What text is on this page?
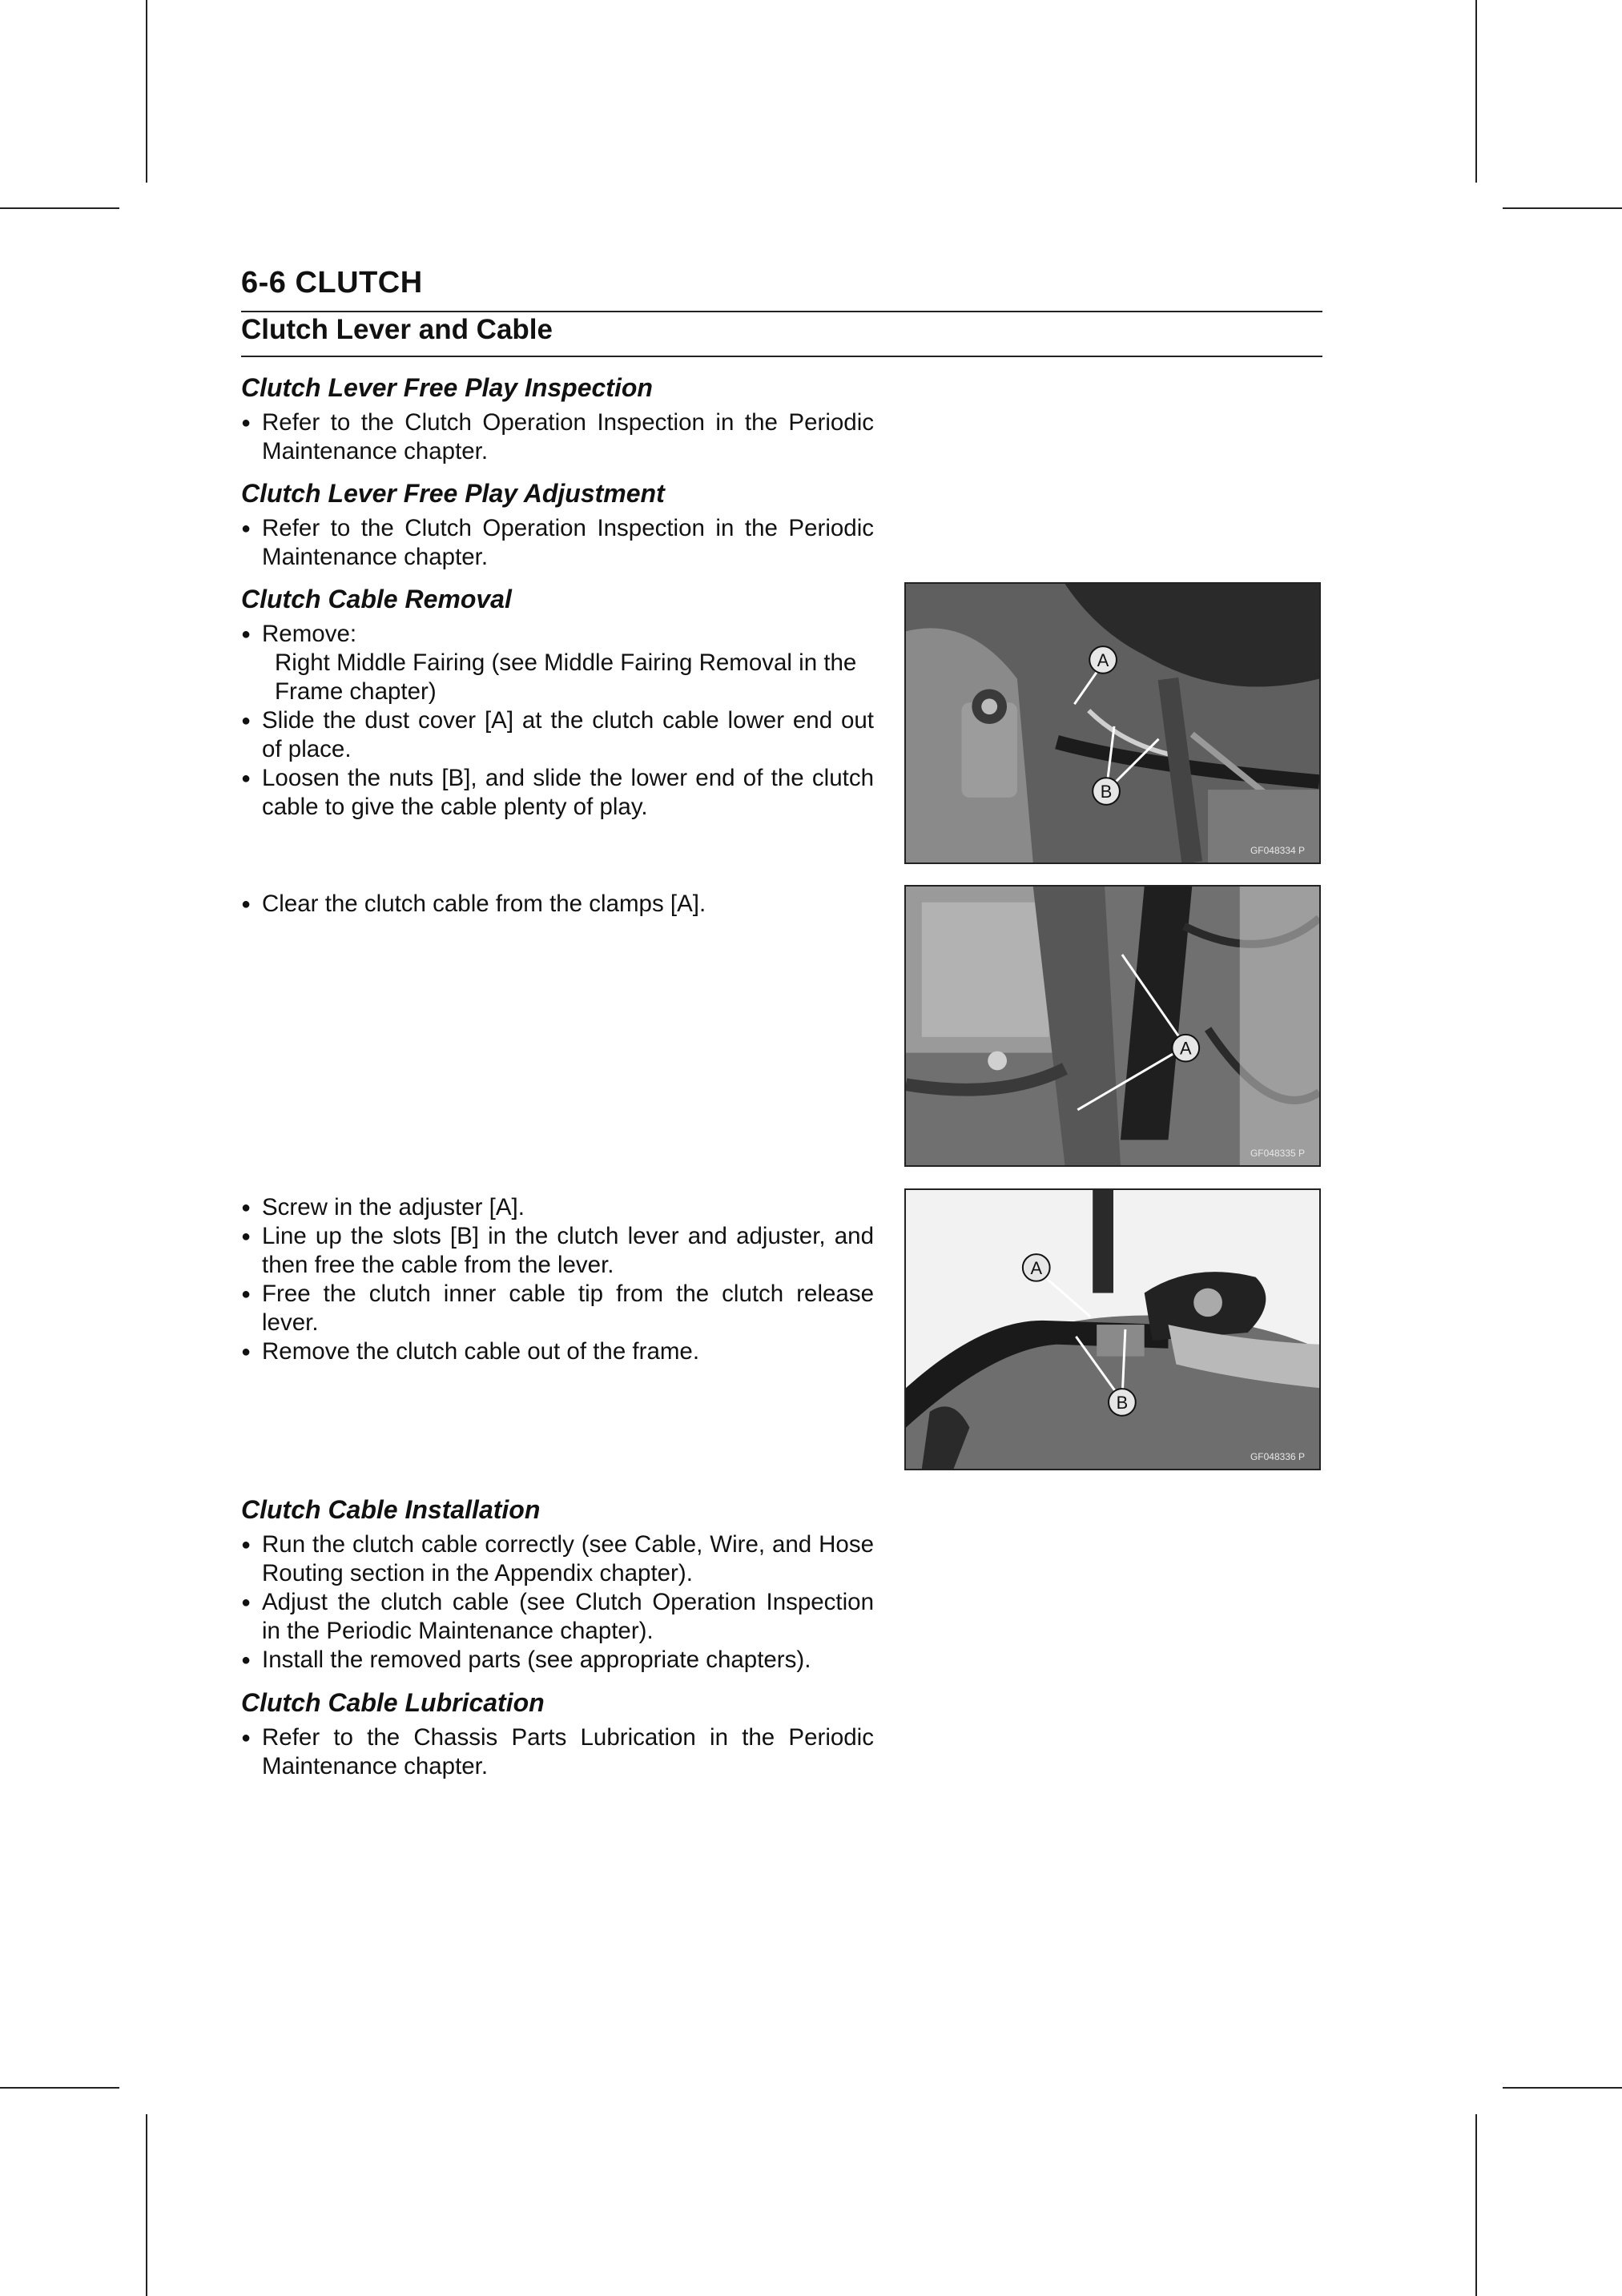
6-6 CLUTCH
Clutch Lever and Cable
Clutch Lever Free Play Inspection
● Refer to the Clutch Operation Inspection in the Periodic Maintenance chapter.
Clutch Lever Free Play Adjustment
● Refer to the Clutch Operation Inspection in the Periodic Maintenance chapter.
Clutch Cable Removal
● Remove:
Right Middle Fairing (see Middle Fairing Removal in the Frame chapter)
● Slide the dust cover [A] at the clutch cable lower end out of place.
● Loosen the nuts [B], and slide the lower end of the clutch cable to give the cable plenty of play.
● Clear the clutch cable from the clamps [A].
● Screw in the adjuster [A].
● Line up the slots [B] in the clutch lever and adjuster, and then free the cable from the lever.
● Free the clutch inner cable tip from the clutch release lever.
● Remove the clutch cable out of the frame.
Clutch Cable Installation
● Run the clutch cable correctly (see Cable, Wire, and Hose Routing section in the Appendix chapter).
● Adjust the clutch cable (see Clutch Operation Inspection in the Periodic Maintenance chapter).
● Install the removed parts (see appropriate chapters).
Clutch Cable Lubrication
● Refer to the Chassis Parts Lubrication in the Periodic Maintenance chapter.
A
B
GF048334 P
A
GF048335 P
A
B
GF048336 P
